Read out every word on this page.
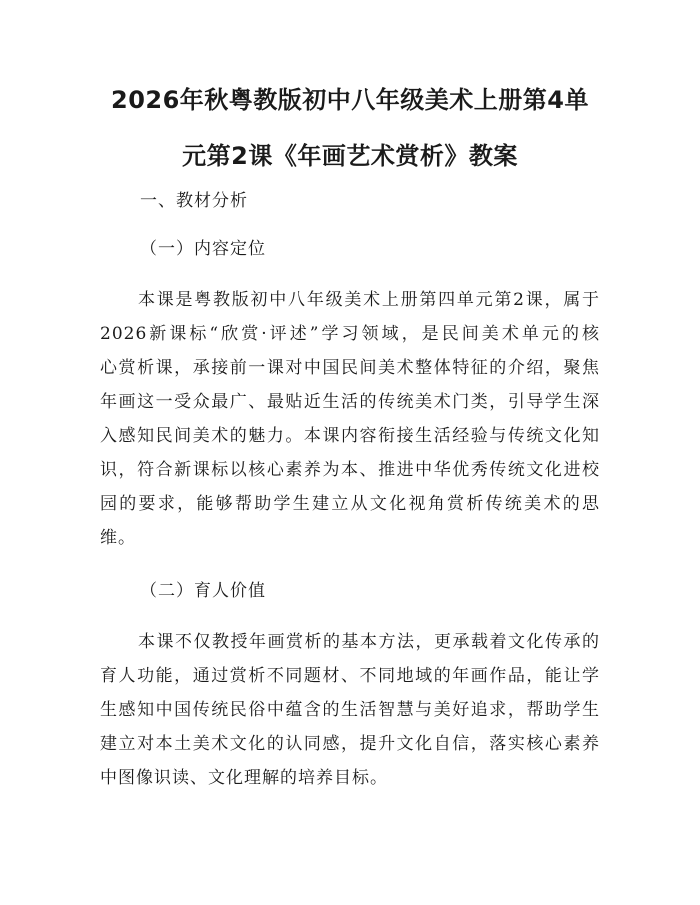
2026年秋粤教版初中八年级美术上册第4单
元第2课《年画艺术赏析》教案
一、教材分析
（一）内容定位
本课是粤教版初中八年级美术上册第四单元第2课，属于
2026新课标“欣赏·评述”学习领域，是民间美术单元的核
心赏析课，承接前一课对中国民间美术整体特征的介绍，聚焦
年画这一受众最广、最贴近生活的传统美术门类，引导学生深
入感知民间美术的魅力。本课内容衔接生活经验与传统文化知
识，符合新课标以核心素养为本、推进中华优秀传统文化进校
园的要求，能够帮助学生建立从文化视角赏析传统美术的思
维。
（二）育人价值
本课不仅教授年画赏析的基本方法，更承载着文化传承的
育人功能，通过赏析不同题材、不同地域的年画作品，能让学
生感知中国传统民俗中蕴含的生活智慧与美好追求，帮助学生
建立对本土美术文化的认同感，提升文化自信，落实核心素养
中图像识读、文化理解的培养目标。
